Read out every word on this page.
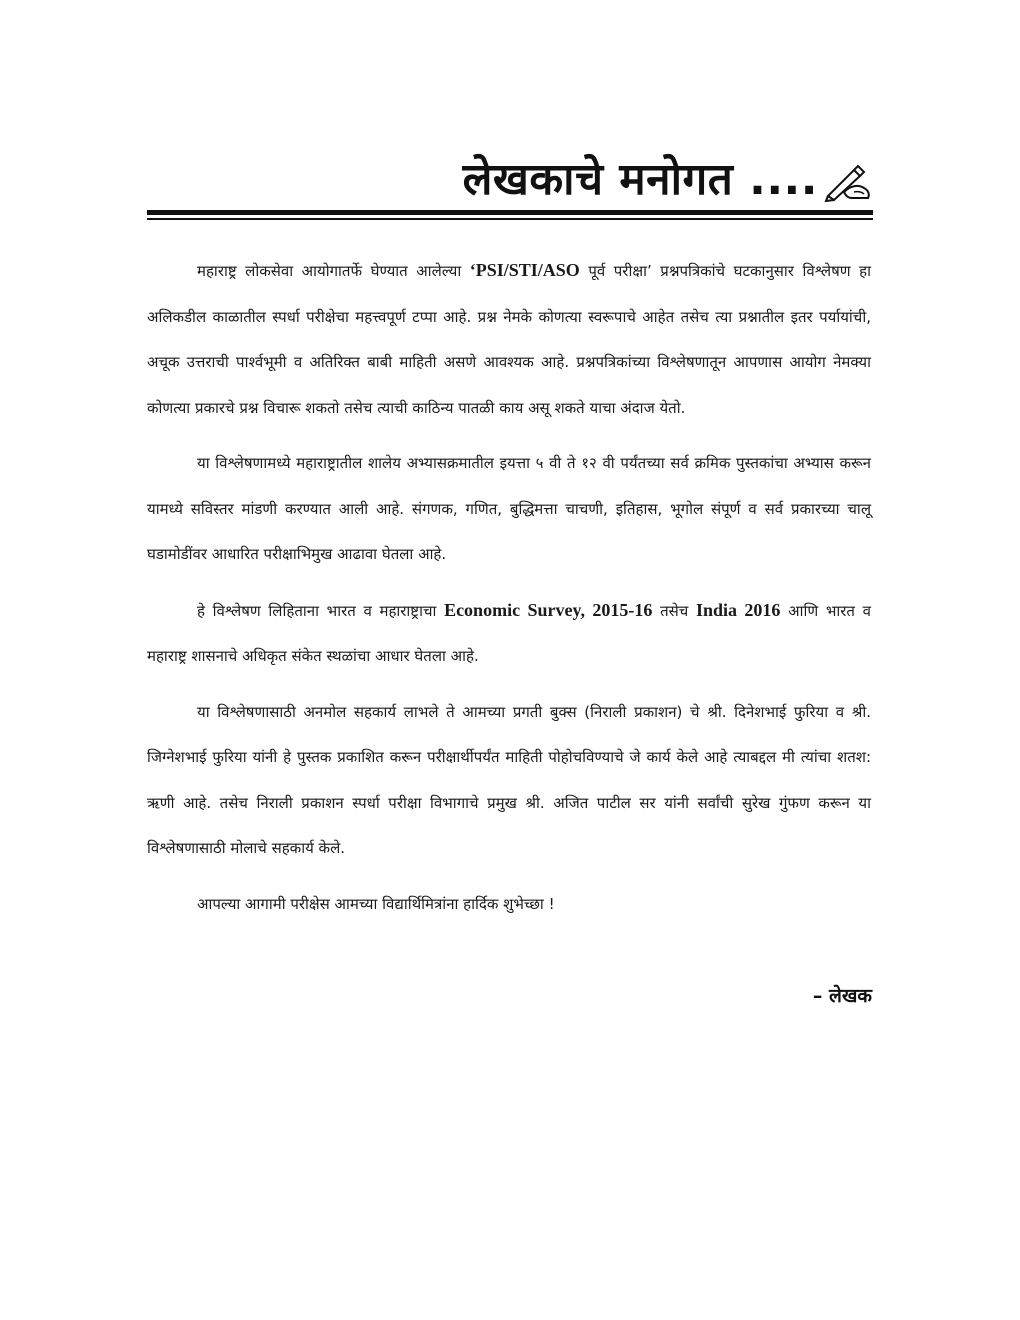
लेखकाचे मनोगत ....

महाराष्ट्र लोकसेवा आयोगातर्फे घेण्यात आलेल्या ‘PSI/STI/ASO पूर्व परीक्षा’ प्रश्नपत्रिकांचे घटकानुसार विश्लेषण हा अलिकडील काळातील स्पर्धा परीक्षेचा महत्त्वपूर्ण टप्पा आहे. प्रश्न नेमके कोणत्या स्वरूपाचे आहेत तसेच त्या प्रश्नातील इतर पर्यायांची, अचूक उत्तराची पार्श्वभूमी व अतिरिक्त बाबी माहिती असणे आवश्यक आहे. प्रश्नपत्रिकांच्या विश्लेषणातून आपणास आयोग नेमक्या कोणत्या प्रकारचे प्रश्न विचारू शकतो तसेच त्याची काठिन्य पातळी काय असू शकते याचा अंदाज येतो.

या विश्लेषणामध्ये महाराष्ट्रातील शालेय अभ्यासक्रमातील इयत्ता ५ वी ते १२ वी पर्यंतच्या सर्व क्रमिक पुस्तकांचा अभ्यास करून यामध्ये सविस्तर मांडणी करण्यात आली आहे. संगणक, गणित, बुद्धिमत्ता चाचणी, इतिहास, भूगोल संपूर्ण व सर्व प्रकारच्या चालू घडामोडींवर आधारित परीक्षाभिमुख आढावा घेतला आहे.

हे विश्लेषण लिहिताना भारत व महाराष्ट्राचा Economic Survey, 2015-16 तसेच India 2016 आणि भारत व महाराष्ट्र शासनाचे अधिकृत संकेत स्थळांचा आधार घेतला आहे.

या विश्लेषणासाठी अनमोल सहकार्य लाभले ते आमच्या प्रगती बुक्स (निराली प्रकाशन) चे श्री. दिनेशभाई फुरिया व श्री. जिग्नेशभाई फुरिया यांनी हे पुस्तक प्रकाशित करून परीक्षार्थीपर्यंत माहिती पोहोचविण्याचे जे कार्य केले आहे त्याबद्दल मी त्यांचा शतश: ऋणी आहे. तसेच निराली प्रकाशन स्पर्धा परीक्षा विभागाचे प्रमुख श्री. अजित पाटील सर यांनी सर्वांची सुरेख गुंफण करून या विश्लेषणासाठी मोलाचे सहकार्य केले.

आपल्या आगामी परीक्षेस आमच्या विद्यार्थिमित्रांना हार्दिक शुभेच्छा !

– लेखक
